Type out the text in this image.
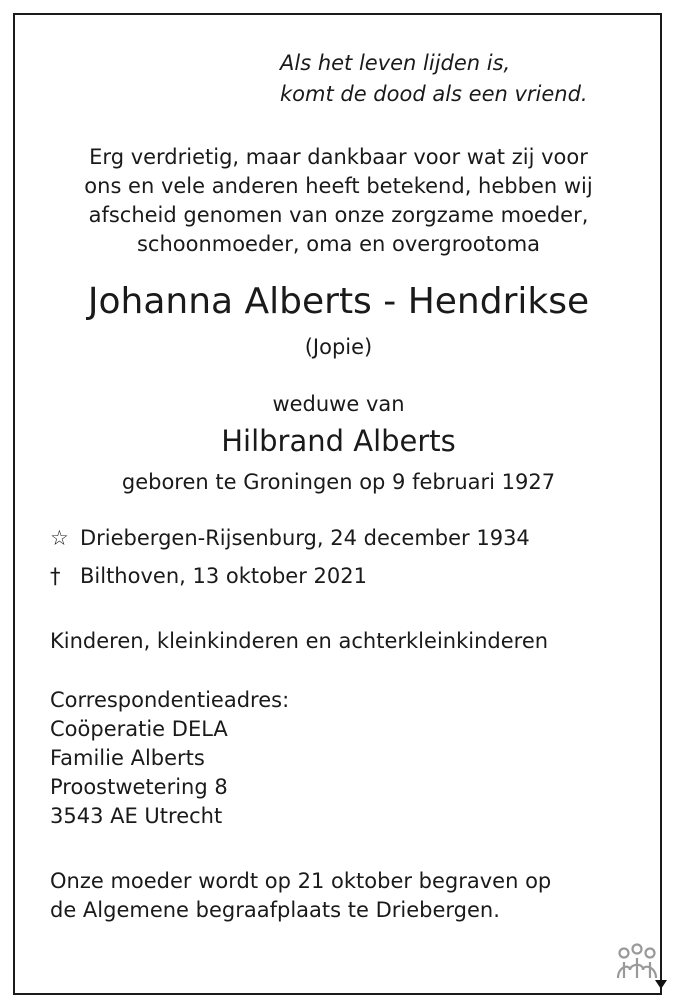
Als het leven lijden is,
komt de dood als een vriend.
Erg verdrietig, maar dankbaar voor wat zij voor
ons en vele anderen heeft betekend, hebben wij
afscheid genomen van onze zorgzame moeder,
schoonmoeder, oma en overgrootoma
Johanna Alberts - Hendrikse
(Jopie)
weduwe van
Hilbrand Alberts
geboren te Groningen op 9 februari 1927
☆ Driebergen-Rijsenburg, 24 december 1934
† Bilthoven, 13 oktober 2021
Kinderen, kleinkinderen en achterkleinkinderen
Correspondentieadres:
Coöperatie DELA
Familie Alberts
Proostwetering 8
3543 AE Utrecht
Onze moeder wordt op 21 oktober begraven op
de Algemene begraafplaats te Driebergen.
